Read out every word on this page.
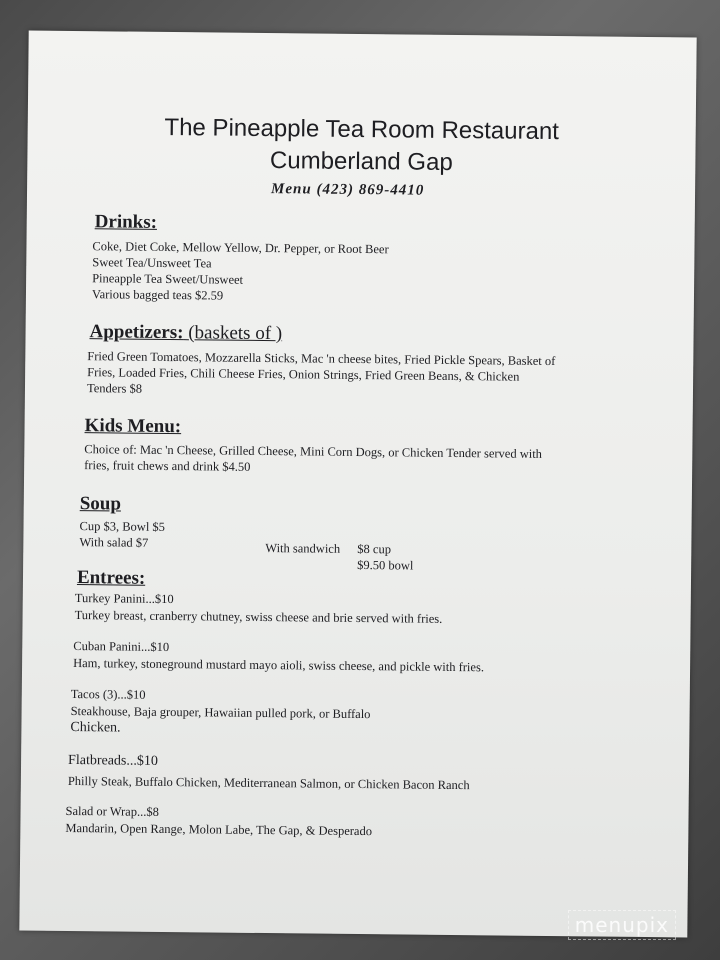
The Pineapple Tea Room Restaurant
Cumberland Gap
Menu (423) 869-4410
Drinks:
Coke, Diet Coke, Mellow Yellow, Dr. Pepper, or Root Beer
Sweet Tea/Unsweet Tea
Pineapple Tea Sweet/Unsweet
Various bagged teas $2.59
Appetizers: (baskets of )
Fried Green Tomatoes, Mozzarella Sticks, Mac 'n cheese bites, Fried Pickle Spears, Basket of
Fries, Loaded Fries, Chili Cheese Fries, Onion Strings, Fried Green Beans, & Chicken
Tenders $8
Kids Menu:
Choice of: Mac 'n Cheese, Grilled Cheese, Mini Corn Dogs, or Chicken Tender served with
fries, fruit chews and drink $4.50
Soup
Cup $3, Bowl $5
With salad $7	With sandwich $8 cup
$9.50 bowl
Entrees:
Turkey Panini...$10
Turkey breast, cranberry chutney, swiss cheese and brie served with fries.
Cuban Panini...$10
Ham, turkey, stoneground mustard mayo aioli, swiss cheese, and pickle with fries.
Tacos (3)...$10
Steakhouse, Baja grouper, Hawaiian pulled pork, or Buffalo
Chicken.
Flatbreads...$10
Philly Steak, Buffalo Chicken, Mediterranean Salmon, or Chicken Bacon Ranch
Salad or Wrap...$8
Mandarin, Open Range, Molon Labe, The Gap, & Desperado
menupix
